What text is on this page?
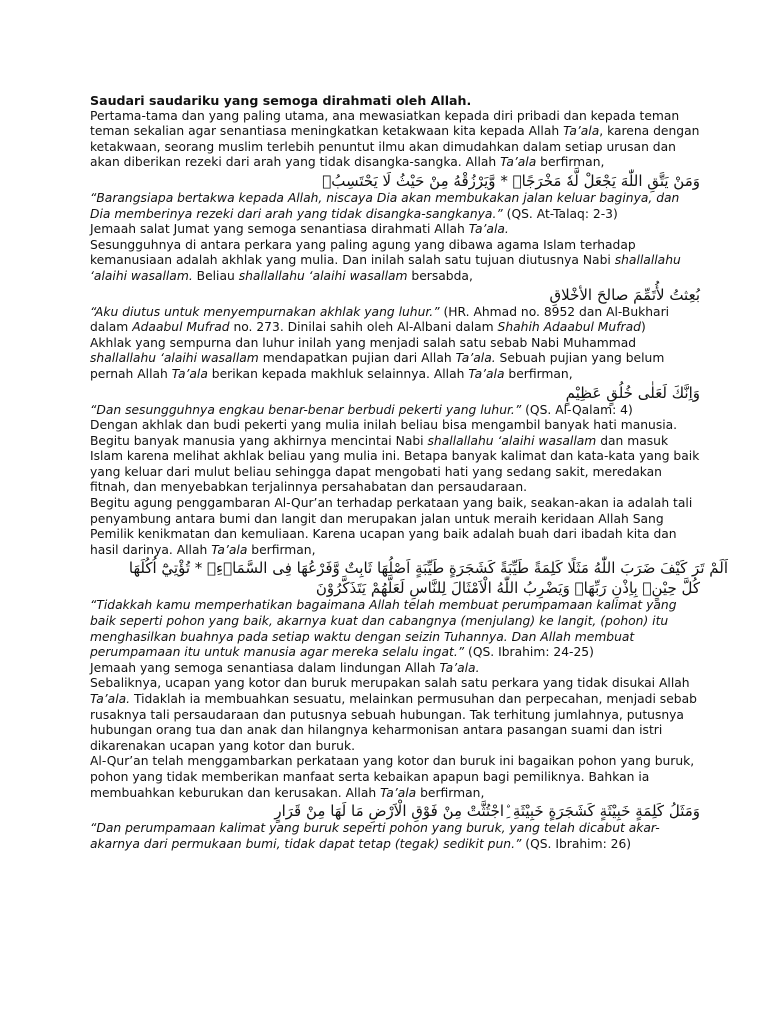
Saudari saudariku yang semoga dirahmati oleh Allah.

Pertama-tama dan yang paling utama, ana mewasiatkan kepada diri pribadi dan kepada teman teman sekalian agar senantiasa meningkatkan ketakwaan kita kepada Allah Ta’ala, karena dengan ketakwaan, seorang muslim terlebih penuntut ilmu akan dimudahkan dalam setiap urusan dan akan diberikan rezeki dari arah yang tidak disangka-sangka. Allah Ta’ala berfirman,

وَمَنْ يَتَّقِ اللّٰهَ يَجْعَلْ لَّهٗ مَخْرَجًاۙ * وَّيَرْزُقْهُ مِنْ حَيْثُ لَا يَحْتَسِبُۗ

“Barangsiapa bertakwa kepada Allah, niscaya Dia akan membukakan jalan keluar baginya, dan Dia memberinya rezeki dari arah yang tidak disangka-sangkanya.” (QS. At-Talaq: 2-3)

Jemaah salat Jumat yang semoga senantiasa dirahmati Allah Ta’ala.

Sesungguhnya di antara perkara yang paling agung yang dibawa agama Islam terhadap kemanusiaan adalah akhlak yang mulia. Dan inilah salah satu tujuan diutusnya Nabi shallallahu ‘alaihi wasallam. Beliau shallallahu ‘alaihi wasallam bersabda,

بُعِثتُ لأُتَمِّمَ صالحَ الأخْلاقِ

“Aku diutus untuk menyempurnakan akhlak yang luhur.” (HR. Ahmad no. 8952 dan Al-Bukhari dalam Adaabul Mufrad no. 273. Dinilai sahih oleh Al-Albani dalam Shahih Adaabul Mufrad)

Akhlak yang sempurna dan luhur inilah yang menjadi salah satu sebab Nabi Muhammad shallallahu ‘alaihi wasallam mendapatkan pujian dari Allah Ta’ala. Sebuah pujian yang belum pernah Allah Ta’ala berikan kepada makhluk selainnya. Allah Ta’ala berfirman,

وَاِنَّكَ لَعَلٰى خُلُقٍ عَظِيْمٍ

“Dan sesungguhnya engkau benar-benar berbudi pekerti yang luhur.” (QS. Al-Qalam: 4)

Dengan akhlak dan budi pekerti yang mulia inilah beliau bisa mengambil banyak hati manusia.

Begitu banyak manusia yang akhirnya mencintai Nabi shallallahu ‘alaihi wasallam dan masuk Islam karena melihat akhlak beliau yang mulia ini. Betapa banyak kalimat dan kata-kata yang baik yang keluar dari mulut beliau sehingga dapat mengobati hati yang sedang sakit, meredakan fitnah, dan menyebabkan terjalinnya persahabatan dan persaudaraan.

Begitu agung penggambaran Al-Qur’an terhadap perkataan yang baik, seakan-akan ia adalah tali penyambung antara bumi dan langit dan merupakan jalan untuk meraih keridaan Allah Sang Pemilik kenikmatan dan kemuliaan. Karena ucapan yang baik adalah buah dari ibadah kita dan hasil darinya. Allah Ta’ala berfirman,

اَلَمْ تَرَ كَيْفَ ضَرَبَ اللّٰهُ مَثَلًا كَلِمَةً طَيِّبَةً كَشَجَرَةٍ طَيِّبَةٍ اَصْلُهَا ثَابِتٌ وَّفَرْعُهَا فِى السَّمَاۤءِۙ * تُؤْتِيْٓ اُكُلَهَا

كُلَّ حِيْنٍۢ بِاِذْنِ رَبِّهَاۗ وَيَضْرِبُ اللّٰهُ الْاَمْثَالَ لِلنَّاسِ لَعَلَّهُمْ يَتَذَكَّرُوْنَ

“Tidakkah kamu memperhatikan bagaimana Allah telah membuat perumpamaan kalimat yang baik seperti pohon yang baik, akarnya kuat dan cabangnya (menjulang) ke langit, (pohon) itu menghasilkan buahnya pada setiap waktu dengan seizin Tuhannya. Dan Allah membuat perumpamaan itu untuk manusia agar mereka selalu ingat.” (QS. Ibrahim: 24-25)

Jemaah yang semoga senantiasa dalam lindungan Allah Ta’ala.

Sebaliknya, ucapan yang kotor dan buruk merupakan salah satu perkara yang tidak disukai Allah Ta’ala. Tidaklah ia membuahkan sesuatu, melainkan permusuhan dan perpecahan, menjadi sebab rusaknya tali persaudaraan dan putusnya sebuah hubungan. Tak terhitung jumlahnya, putusnya hubungan orang tua dan anak dan hilangnya keharmonisan antara pasangan suami dan istri dikarenakan ucapan yang kotor dan buruk.

Al-Qur’an telah menggambarkan perkataan yang kotor dan buruk ini bagaikan pohon yang buruk, pohon yang tidak memberikan manfaat serta kebaikan apapun bagi pemiliknya. Bahkan ia membuahkan keburukan dan kerusakan. Allah Ta’ala berfirman,

وَمَثَلُ كَلِمَةٍ خَبِيْثَةٍ كَشَجَرَةٍ خَبِيْثَةِ ِۨاجْتُثَّتْ مِنْ فَوْقِ الْاَرْضِ مَا لَهَا مِنْ قَرَارٍ

“Dan perumpamaan kalimat yang buruk seperti pohon yang buruk, yang telah dicabut akar-akarnya dari permukaan bumi, tidak dapat tetap (tegak) sedikit pun.” (QS. Ibrahim: 26)
